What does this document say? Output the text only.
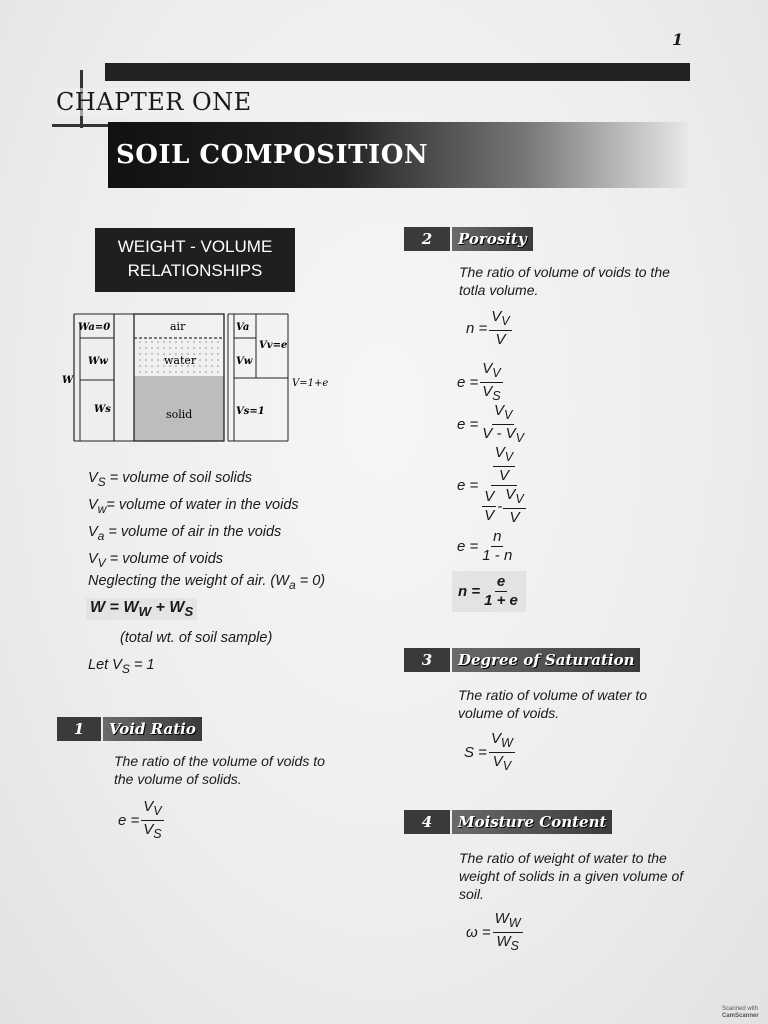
1
CHAPTER ONE
SOIL COMPOSITION
WEIGHT - VOLUME
RELATIONSHIPS
Wa=0
Ww
W
Ws
air
water
solid
Va
Vw
Vs=1
Vv=e
V=1+e
$V_S$ = volume of soil solids
$V_w=$ volume of water in the voids
$V_a$ = volume of air in the voids
$V_V$ = volume of voids
Neglecting the weight of air. $(W_a = 0)$
$W = W_W + W_S$
(total wt. of soil sample)
Let $V_S = 1$
1	Void Ratio
The ratio of the volume of voids to the volume of solids.
$e = \frac{V_V}{V_S}$
2	Porosity
The ratio of volume of voids to the totla volume.
$n = \frac{V_V}{V}$
$e = \frac{V_V}{V_S}$
$e = \frac{V_V}{V - V_V}$
$e = \frac{\frac{V_V}{V}}{\frac{V}{V} - \frac{V_V}{V}}$
$e = \frac{n}{1 - n}$
$n = \frac{e}{1 + e}$
3	Degree of Saturation
The ratio of volume of water to volume of voids.
$S = \frac{V_W}{V_V}$
4	Moisture Content
The ratio of weight of water to the weight of solids in a given volume of soil.
$\omega = \frac{W_W}{W_S}$
Scanned with
CamScanner
